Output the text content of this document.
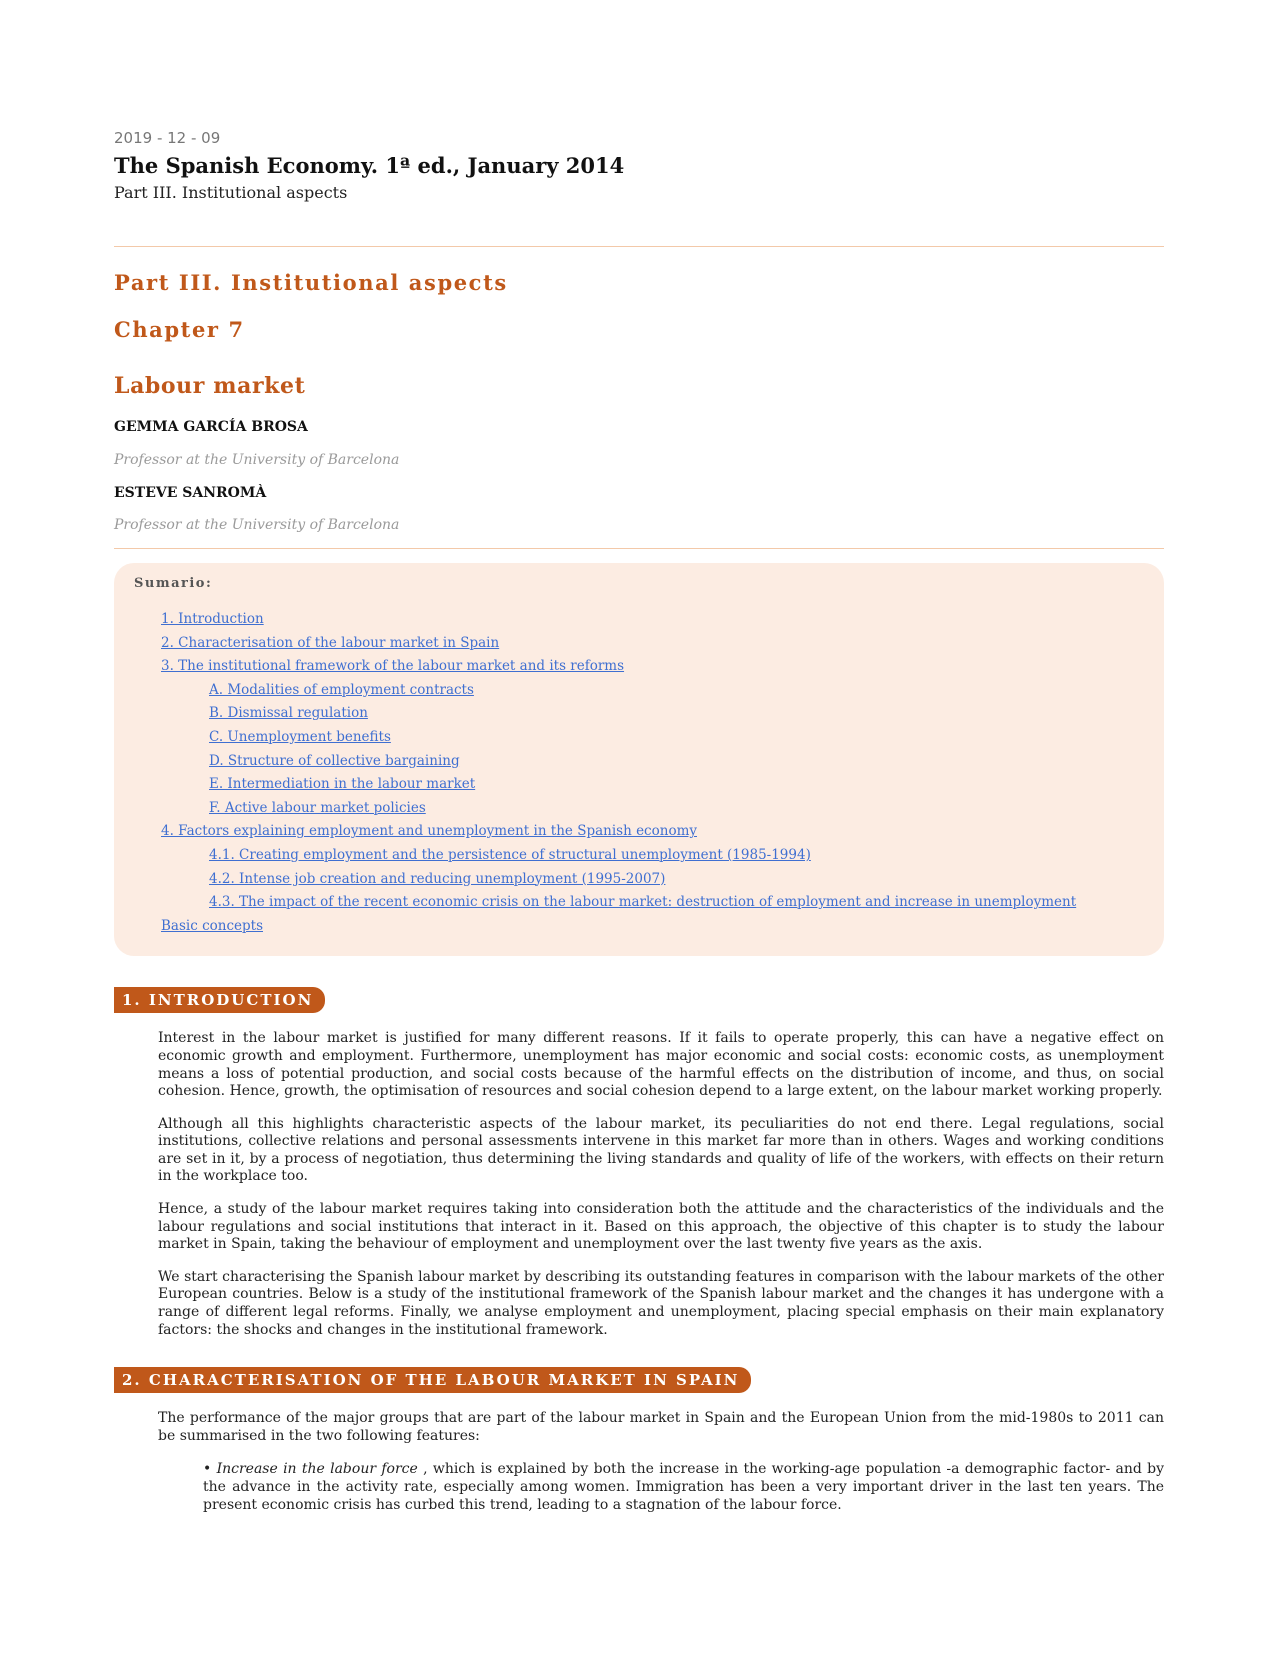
2019 - 12 - 09
The Spanish Economy. 1ª ed., January 2014
Part III. Institutional aspects
Part III. Institutional aspects
Chapter 7
Labour market
GEMMA GARCÍA BROSA
Professor at the University of Barcelona
ESTEVE SANROMÀ
Professor at the University of Barcelona
Sumario:
1. Introduction
2. Characterisation of the labour market in Spain
3. The institutional framework of the labour market and its reforms
A. Modalities of employment contracts
B. Dismissal regulation
C. Unemployment benefits
D. Structure of collective bargaining
E. Intermediation in the labour market
F. Active labour market policies
4. Factors explaining employment and unemployment in the Spanish economy
4.1. Creating employment and the persistence of structural unemployment (1985-1994)
4.2. Intense job creation and reducing unemployment (1995-2007)
4.3. The impact of the recent economic crisis on the labour market: destruction of employment and increase in unemployment
Basic concepts
1. INTRODUCTION

Interest in the labour market is justified for many different reasons. If it fails to operate properly, this can have a negative effect on economic growth and employment. Furthermore, unemployment has major economic and social costs: economic costs, as unemployment means a loss of potential production, and social costs because of the harmful effects on the distribution of income, and thus, on social cohesion. Hence, growth, the optimisation of resources and social cohesion depend to a large extent, on the labour market working properly.

Although all this highlights characteristic aspects of the labour market, its peculiarities do not end there. Legal regulations, social institutions, collective relations and personal assessments intervene in this market far more than in others. Wages and working conditions are set in it, by a process of negotiation, thus determining the living standards and quality of life of the workers, with effects on their return in the workplace too.

Hence, a study of the labour market requires taking into consideration both the attitude and the characteristics of the individuals and the labour regulations and social institutions that interact in it. Based on this approach, the objective of this chapter is to study the labour market in Spain, taking the behaviour of employment and unemployment over the last twenty five years as the axis.

We start characterising the Spanish labour market by describing its outstanding features in comparison with the labour markets of the other European countries. Below is a study of the institutional framework of the Spanish labour market and the changes it has undergone with a range of different legal reforms. Finally, we analyse employment and unemployment, placing special emphasis on their main explanatory factors: the shocks and changes in the institutional framework.

2. CHARACTERISATION OF THE LABOUR MARKET IN SPAIN

The performance of the major groups that are part of the labour market in Spain and the European Union from the mid-1980s to 2011 can be summarised in the two following features:

• Increase in the labour force , which is explained by both the increase in the working-age population -a demographic factor- and by the advance in the activity rate, especially among women. Immigration has been a very important driver in the last ten years. The present economic crisis has curbed this trend, leading to a stagnation of the labour force.
